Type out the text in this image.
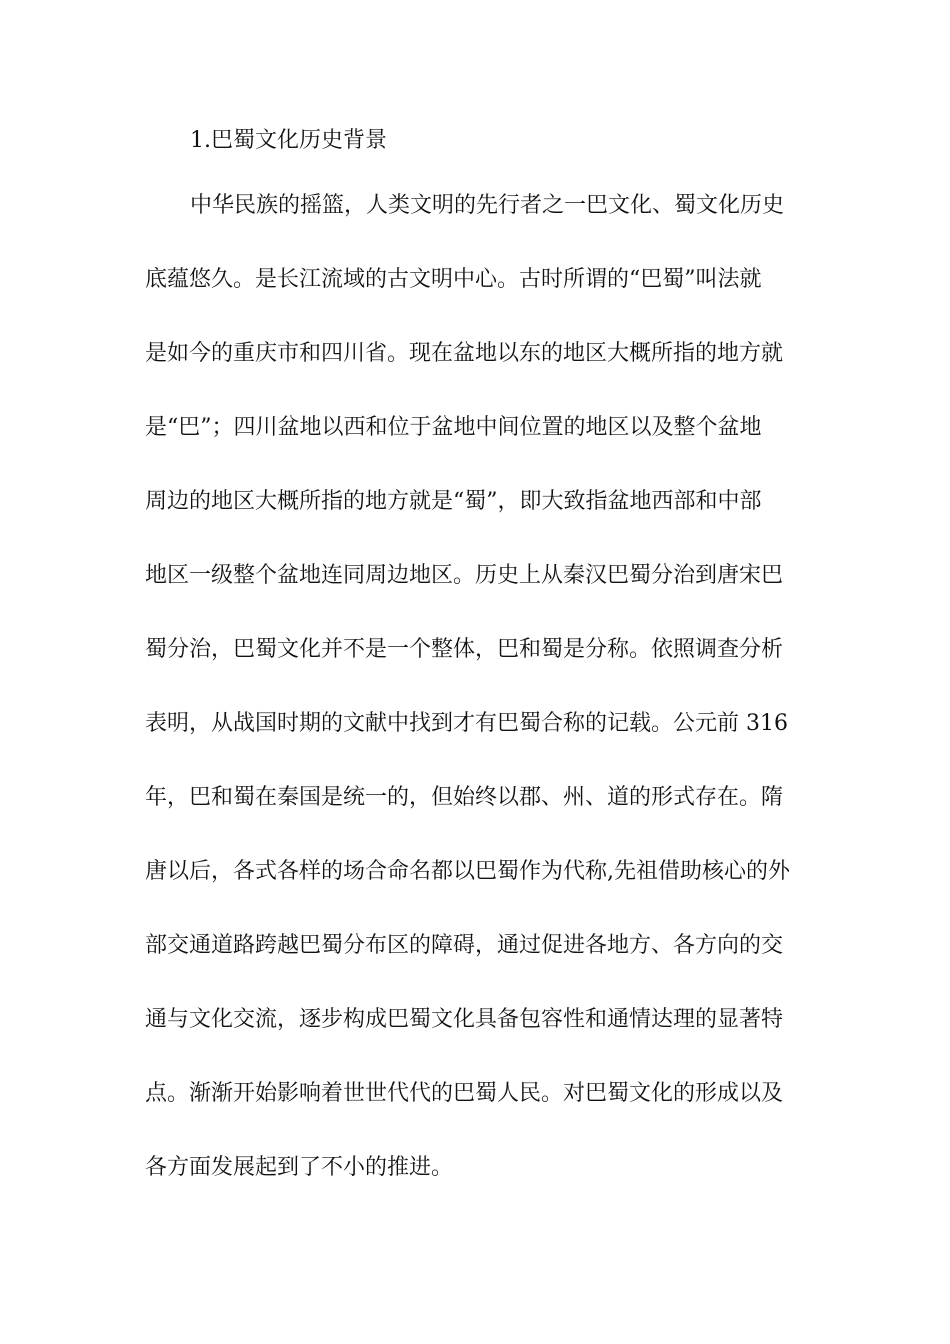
1.巴蜀文化历史背景
中华民族的摇篮，人类文明的先行者之一巴文化、蜀文化历史
底蕴悠久。是长江流域的古文明中心。古时所谓的“巴蜀”叫法就
是如今的重庆市和四川省。现在盆地以东的地区大概所指的地方就
是“巴”；四川盆地以西和位于盆地中间位置的地区以及整个盆地
周边的地区大概所指的地方就是“蜀”，即大致指盆地西部和中部
地区一级整个盆地连同周边地区。历史上从秦汉巴蜀分治到唐宋巴
蜀分治，巴蜀文化并不是一个整体，巴和蜀是分称。依照调查分析
表明，从战国时期的文献中找到才有巴蜀合称的记载。公元前 316
年，巴和蜀在秦国是统一的，但始终以郡、州、道的形式存在。隋
唐以后，各式各样的场合命名都以巴蜀作为代称,先祖借助核心的外
部交通道路跨越巴蜀分布区的障碍，通过促进各地方、各方向的交
通与文化交流，逐步构成巴蜀文化具备包容性和通情达理的显著特
点。渐渐开始影响着世世代代的巴蜀人民。对巴蜀文化的形成以及
各方面发展起到了不小的推进。
